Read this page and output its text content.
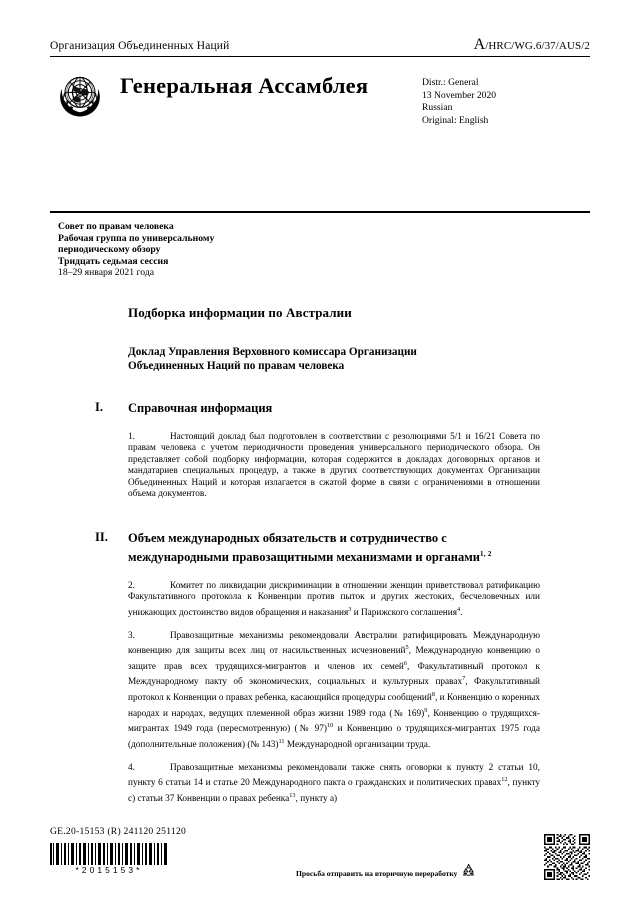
Организация Объединенных Наций	A/HRC/WG.6/37/AUS/2
Генеральная Ассамблея	Distr.: General
13 November 2020
Russian
Original: English
Совет по правам человека
Рабочая группа по универсальному
периодическому обзору
Тридцать седьмая сессия
18–29 января 2021 года
Подборка информации по Австралии
Доклад Управления Верховного комиссара Организации Объединенных Наций по правам человека
I. Справочная информация

1.	Настоящий доклад был подготовлен в соответствии с резолюциями 5/1 и 16/21 Совета по правам человека с учетом периодичности проведения универсального периодического обзора. Он представляет собой подборку информации, которая содержится в докладах договорных органов и мандатариев специальных процедур, а также в других соответствующих документах Организации Объединенных Наций и которая излагается в сжатой форме в связи с ограничениями в отношении объема документов.

II. Объем международных обязательств и сотрудничество с международными правозащитными механизмами и органами$^{1, 2}$

2.	Комитет по ликвидации дискриминации в отношении женщин приветствовал ратификацию Факультативного протокола к Конвенции против пыток и других жестоких, бесчеловечных или унижающих достоинство видов обращения и наказания$^3$ и Парижского соглашения$^4$.

3.	Правозащитные механизмы рекомендовали Австралии ратифицировать Международную конвенцию для защиты всех лиц от насильственных исчезновений$^5$, Международную конвенцию о защите прав всех трудящихся-мигрантов и членов их семей$^6$, Факультативный протокол к Международному пакту об экономических, социальных и культурных правах$^7$, Факультативный протокол к Конвенции о правах ребенка, касающийся процедуры сообщений$^8$, и Конвенцию о коренных народах и народах, ведущих племенной образ жизни 1989 года (№ 169)$^9$, Конвенцию о трудящихся-мигрантах 1949 года (пересмотренную) (№ 97)$^{10}$ и Конвенцию о трудящихся-мигрантах 1975 года (дополнительные положения) (№ 143)$^{11}$ Международной организации труда.

4.	Правозащитные механизмы рекомендовали также снять оговорки к пункту 2 статьи 10, пункту 6 статьи 14 и статье 20 Международного пакта о гражданских и политических правах$^{12}$, пункту c) статьи 37 Конвенции о правах ребенка$^{13}$, пункту a)

GE.20-15153 (R) 241120 251120
*2015153*	Просьба отправить на вторичную переработку
